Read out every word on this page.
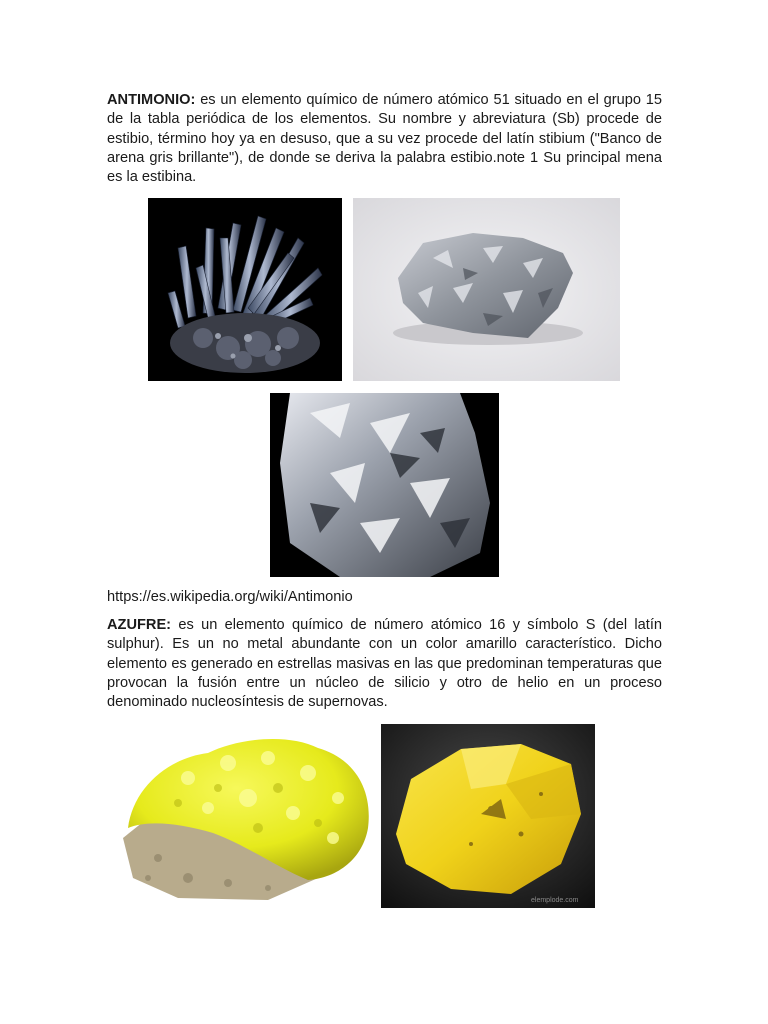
ANTIMONIO: es un elemento químico de número atómico 51 situado en el grupo 15 de la tabla periódica de los elementos. Su nombre y abreviatura (Sb) procede de estibio, término hoy ya en desuso, que a su vez procede del latín stibium ("Banco de arena gris brillante"), de donde se deriva la palabra estibio.note 1 Su principal mena es la estibina.

https://es.wikipedia.org/wiki/Antimonio

AZUFRE: es un elemento químico de número atómico 16 y símbolo S (del latín sulphur). Es un no metal abundante con un color amarillo característico. Dicho elemento es generado en estrellas masivas en las que predominan temperaturas que provocan la fusión entre un núcleo de silicio y otro de helio en un proceso denominado nucleosíntesis de supernovas.

elemplode.com
